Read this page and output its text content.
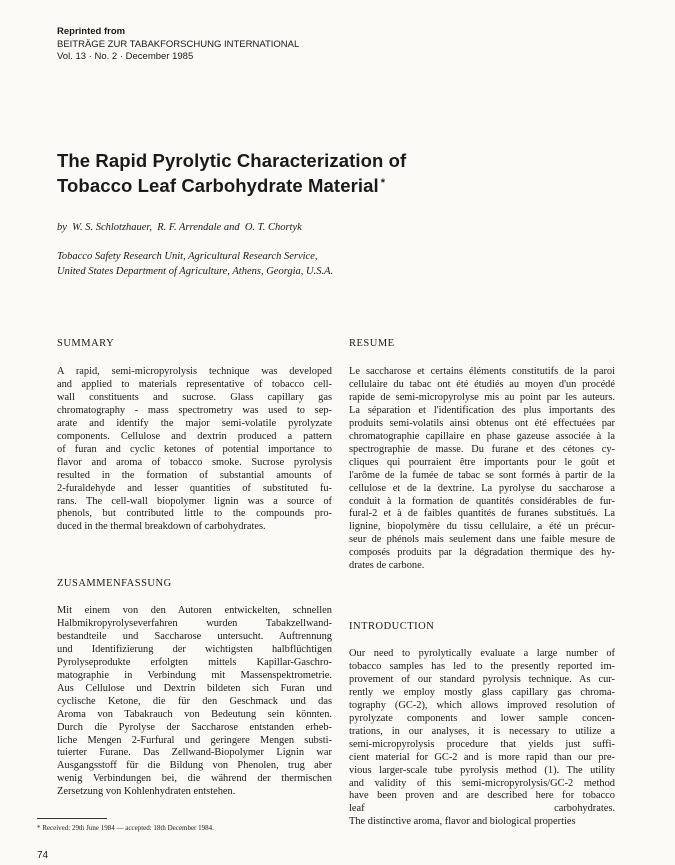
Reprinted from
BEITRÄGE ZUR TABAKFORSCHUNG INTERNATIONAL
Vol. 13 · No. 2 · December 1985
The Rapid Pyrolytic Characterization of
Tobacco Leaf Carbohydrate Material *
by  W. S. Schlotzhauer,  R. F. Arrendale and  O. T. Chortyk
Tobacco Safety Research Unit, Agricultural Research Service,
United States Department of Agriculture, Athens, Georgia, U.S.A.
SUMMARY
A rapid, semi-micropyrolysis technique was developed
and applied to materials representative of tobacco cell-
wall constituents and sucrose. Glass capillary gas
chromatography - mass spectrometry was used to sep-
arate and identify the major semi-volatile pyrolyzate
components. Cellulose and dextrin produced a pattern
of furan and cyclic ketones of potential importance to
flavor and aroma of tobacco smoke. Sucrose pyrolysis
resulted in the formation of substantial amounts of
2-furaldehyde and lesser quantities of substituted fu-
rans. The cell-wall biopolymer lignin was a source of
phenols, but contributed little to the compounds pro-
duced in the thermal breakdown of carbohydrates.
ZUSAMMENFASSUNG
Mit einem von den Autoren entwickelten, schnellen
Halbmikropyrolyseverfahren wurden Tabakzellwand-
bestandteile und Saccharose untersucht. Auftrennung
und Identifizierung der wichtigsten halbflüchtigen
Pyrolyseprodukte erfolgten mittels Kapillar-Gaschro-
matographie in Verbindung mit Massenspektrometrie.
Aus Cellulose und Dextrin bildeten sich Furan und
cyclische Ketone, die für den Geschmack und das
Aroma von Tabakrauch von Bedeutung sein könnten.
Durch die Pyrolyse der Saccharose entstanden erheb-
liche Mengen 2-Furfural und geringere Mengen substi-
tuierter Furane. Das Zellwand-Biopolymer Lignin war
Ausgangsstoff für die Bildung von Phenolen, trug aber
wenig Verbindungen bei, die während der thermischen
Zersetzung von Kohlenhydraten entstehen.
RESUME
Le saccharose et certains éléments constitutifs de la paroi
cellulaire du tabac ont été étudiés au moyen d'un procédé
rapide de semi-micropyrolyse mis au point par les auteurs.
La séparation et l'identification des plus importants des
produits semi-volatils ainsi obtenus ont été effectuées par
chromatographie capillaire en phase gazeuse associée à la
spectrographie de masse. Du furane et des cétones cy-
cliques qui pourraient être importants pour le goût et
l'arôme de la fumée de tabac se sont formés à partir de la
cellulose et de la dextrine. La pyrolyse du saccharose a
conduit à la formation de quantités considérables de fur-
fural-2 et à de faibles quantités de furanes substitués. La
lignine, biopolymère du tissu cellulaire, a été un précur-
seur de phénols mais seulement dans une faible mesure de
composés produits par la dégradation thermique des hy-
drates de carbone.
INTRODUCTION
Our need to pyrolytically evaluate a large number of
tobacco samples has led to the presently reported im-
provement of our standard pyrolysis technique. As cur-
rently we employ mostly glass capillary gas chroma-
tography (GC-2), which allows improved resolution of
pyrolyzate components and lower sample concen-
trations, in our analyses, it is necessary to utilize a
semi-micropyrolysis procedure that yields just suffi-
cient material for GC-2 and is more rapid than our pre-
vious larger-scale tube pyrolysis method (1). The utility
and validity of this semi-micropyrolysis/GC-2 method
have been proven and are described here for tobacco
leaf carbohydrates.
The distinctive aroma, flavor and biological properties
* Received: 29th June 1984 — accepted: 18th December 1984.
74
